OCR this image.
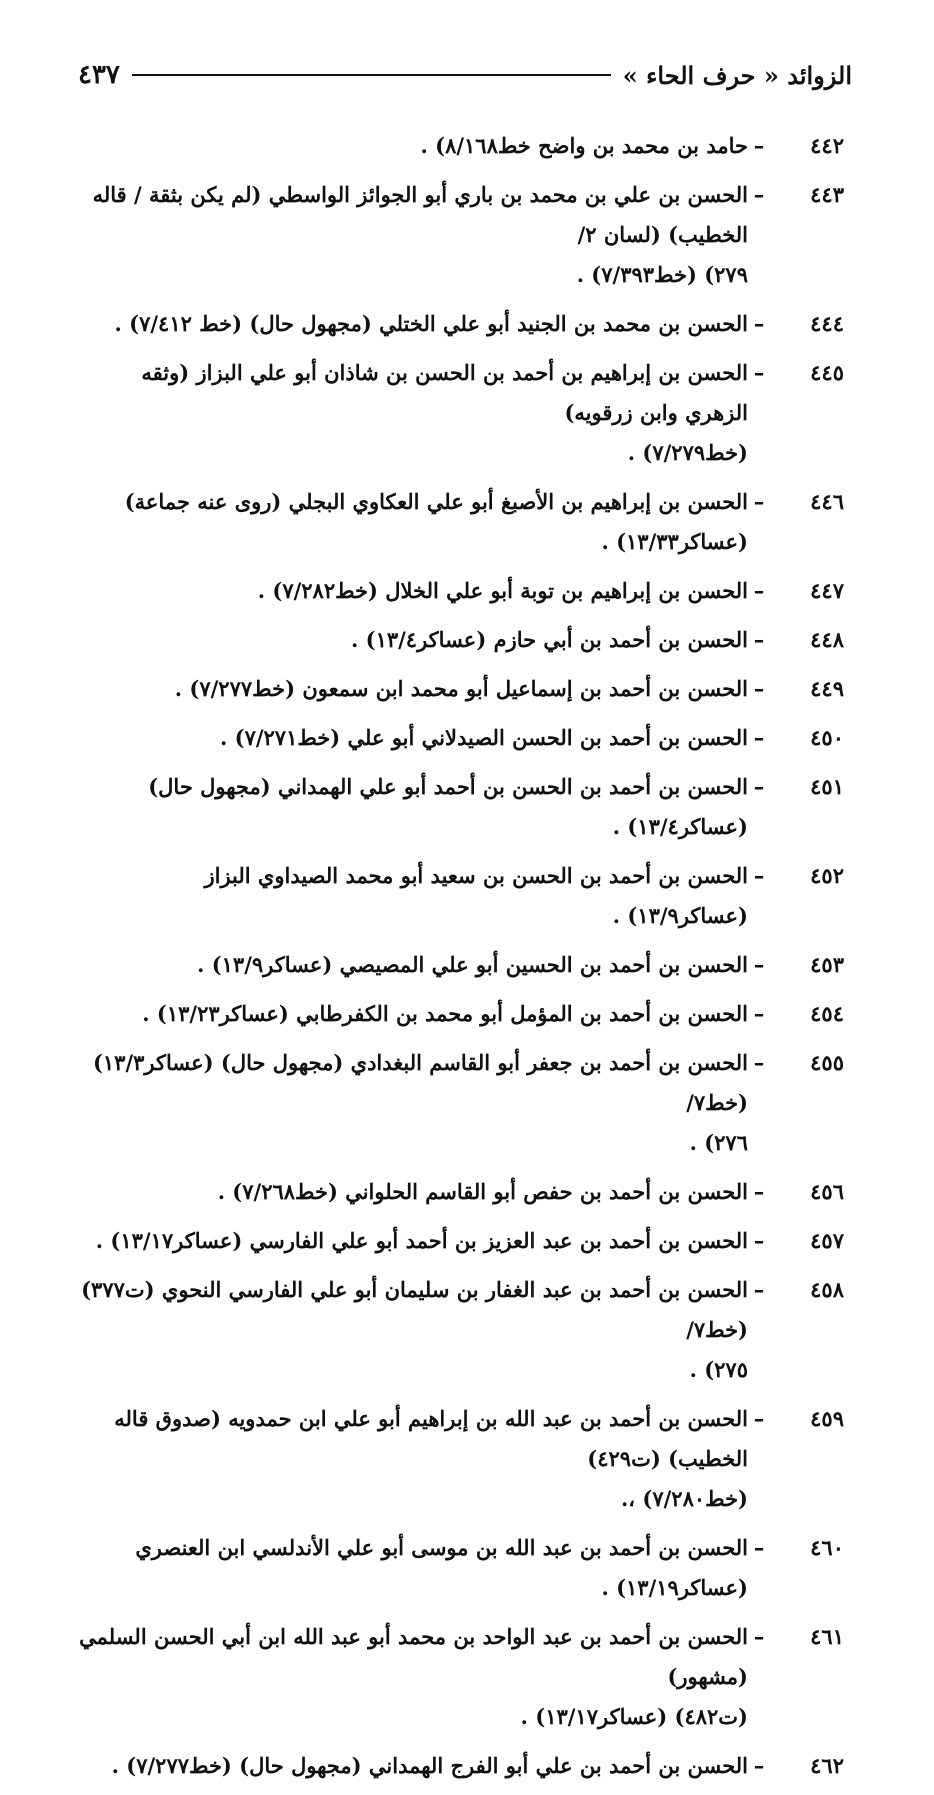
الزوائد « حرف الحاء »
٤٣٧
٤٤٢
–
حامد بن محمد بن واضح خط٨/١٦٨) .
٤٤٣
–
الحسن بن علي بن محمد بن باري أبو الجوائز الواسطي (لم يكن بثقة / قاله الخطيب) (لسان ٢/
٢٧٩) (خط٧/٣٩٣) .
٤٤٤
–
الحسن بن محمد بن الجنيد أبو علي الختلي (مجهول حال) (خط ٧/٤١٢) .
٤٤٥
–
الحسن بن إبراهيم بن أحمد بن الحسن بن شاذان أبو علي البزاز (وثقه الزهري وابن زرقويه)
(خط٧/٢٧٩) .
٤٤٦
–
الحسن بن إبراهيم بن الأصبغ أبو علي العكاوي البجلي (روى عنه جماعة) (عساكر١٣/٣٣) .
٤٤٧
–
الحسن بن إبراهيم بن توبة أبو علي الخلال (خط٧/٢٨٢) .
٤٤٨
–
الحسن بن أحمد بن أبي حازم (عساكر١٣/٤) .
٤٤٩
–
الحسن بن أحمد بن إسماعيل أبو محمد ابن سمعون (خط٧/٢٧٧) .
٤٥٠
–
الحسن بن أحمد بن الحسن الصيدلاني أبو علي (خط٧/٢٧١) .
٤٥١
–
الحسن بن أحمد بن الحسن بن أحمد أبو علي الهمداني (مجهول حال) (عساكر١٣/٤) .
٤٥٢
–
الحسن بن أحمد بن الحسن بن سعيد أبو محمد الصيداوي البزاز (عساكر١٣/٩) .
٤٥٣
–
الحسن بن أحمد بن الحسين أبو علي المصيصي (عساكر١٣/٩) .
٤٥٤
–
الحسن بن أحمد بن المؤمل أبو محمد بن الكفرطابي (عساكر١٣/٢٣) .
٤٥٥
–
الحسن بن أحمد بن جعفر أبو القاسم البغدادي (مجهول حال) (عساكر١٣/٣) (خط٧/
٢٧٦) .
٤٥٦
–
الحسن بن أحمد بن حفص أبو القاسم الحلواني (خط٧/٢٦٨) .
٤٥٧
–
الحسن بن أحمد بن عبد العزيز بن أحمد أبو علي الفارسي (عساكر١٣/١٧) .
٤٥٨
–
الحسن بن أحمد بن عبد الغفار بن سليمان أبو علي الفارسي النحوي (ت٣٧٧) (خط٧/
٢٧٥) .
٤٥٩
–
الحسن بن أحمد بن عبد الله بن إبراهيم أبو علي ابن حمدويه (صدوق قاله الخطيب) (ت٤٢٩)
(خط٧/٢٨٠) ،.
٤٦٠
–
الحسن بن أحمد بن عبد الله بن موسى أبو علي الأندلسي ابن العنصري (عساكر١٣/١٩) .
٤٦١
–
الحسن بن أحمد بن عبد الواحد بن محمد أبو عبد الله ابن أبي الحسن السلمي (مشهور)
(ت٤٨٢) (عساكر١٣/١٧) .
٤٦٢
–
الحسن بن أحمد بن علي أبو الفرج الهمداني (مجهول حال) (خط٧/٢٧٧) .
